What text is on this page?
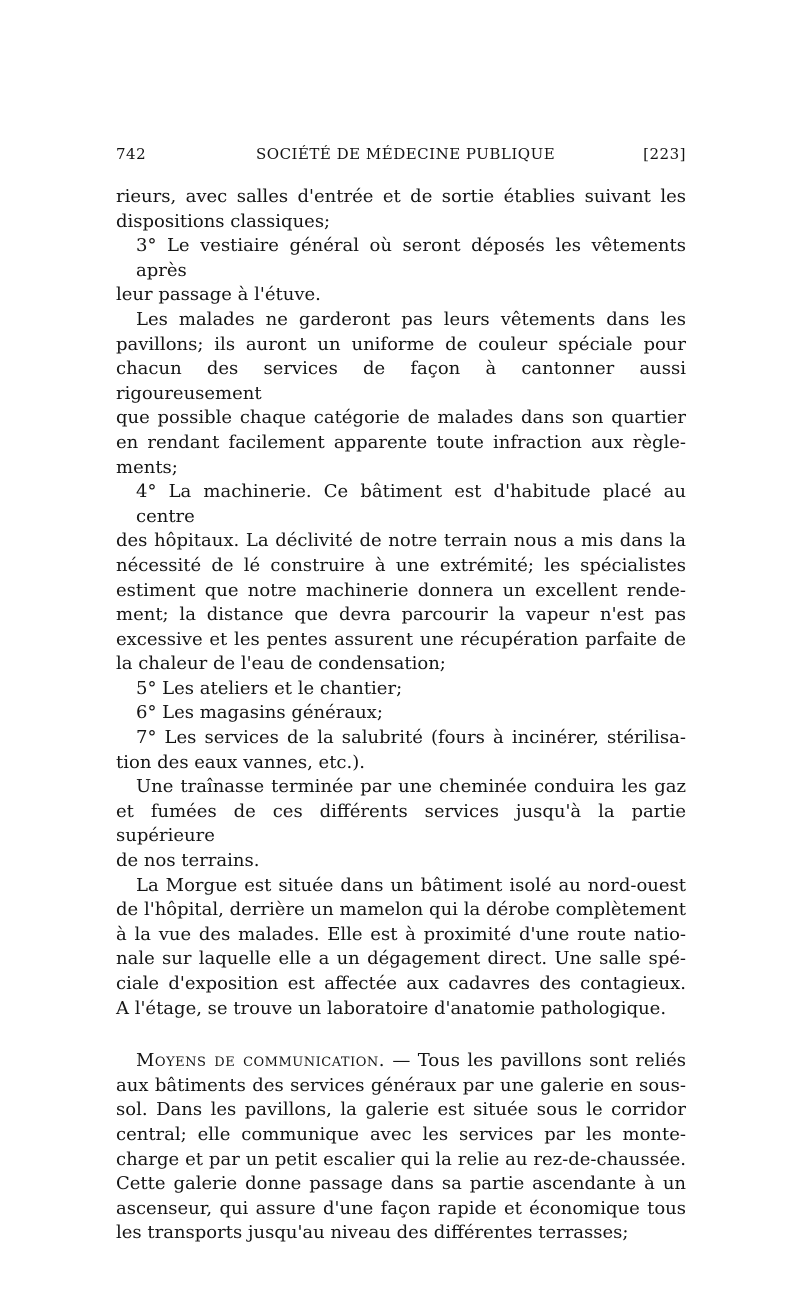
742	SOCIÉTÉ DE MÉDECINE PUBLIQUE	[223]

rieurs, avec salles d'entrée et de sortie établies suivant les
dispositions classiques;

3° Le vestiaire général où seront déposés les vêtements après
leur passage à l'étuve.

Les malades ne garderont pas leurs vêtements dans les
pavillons; ils auront un uniforme de couleur spéciale pour
chacun des services de façon à cantonner aussi rigoureusement
que possible chaque catégorie de malades dans son quartier
en rendant facilement apparente toute infraction aux règle-
ments;

4° La machinerie. Ce bâtiment est d'habitude placé au centre
des hôpitaux. La déclivité de notre terrain nous a mis dans la
nécessité de lé construire à une extrémité; les spécialistes
estiment que notre machinerie donnera un excellent rende-
ment; la distance que devra parcourir la vapeur n'est pas
excessive et les pentes assurent une récupération parfaite de
la chaleur de l'eau de condensation;

5° Les ateliers et le chantier;

6° Les magasins généraux;

7° Les services de la salubrité (fours à incinérer, stérilisa-
tion des eaux vannes, etc.).

Une traînasse terminée par une cheminée conduira les gaz
et fumées de ces différents services jusqu'à la partie supérieure
de nos terrains.

La Morgue est située dans un bâtiment isolé au nord-ouest
de l'hôpital, derrière un mamelon qui la dérobe complètement
à la vue des malades. Elle est à proximité d'une route natio-
nale sur laquelle elle a un dégagement direct. Une salle spé-
ciale d'exposition est affectée aux cadavres des contagieux.
A l'étage, se trouve un laboratoire d'anatomie pathologique.

Moyens de communication. — Tous les pavillons sont reliés
aux bâtiments des services généraux par une galerie en sous-
sol. Dans les pavillons, la galerie est située sous le corridor
central; elle communique avec les services par les monte-
charge et par un petit escalier qui la relie au rez-de-chaussée.
Cette galerie donne passage dans sa partie ascendante à un
ascenseur, qui assure d'une façon rapide et économique tous
les transports jusqu'au niveau des différentes terrasses;
